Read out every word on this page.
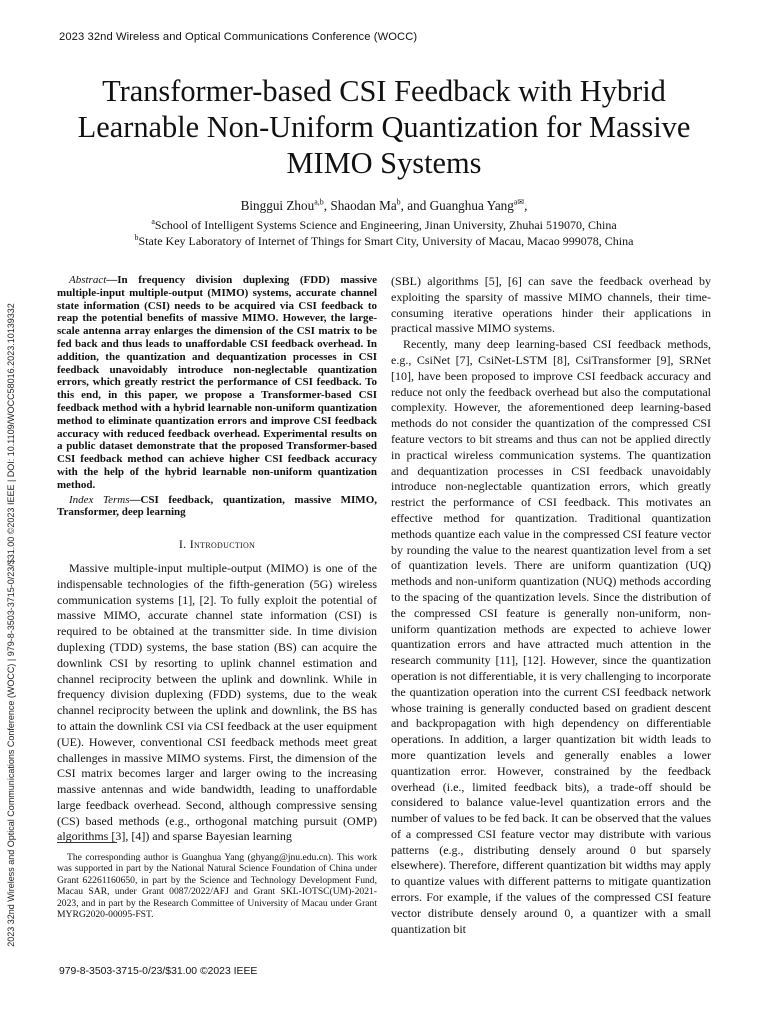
2023 32nd Wireless and Optical Communications Conference (WOCC)
2023 32nd Wireless and Optical Communications Conference (WOCC) | 979-8-3503-3715-0/23/$31.00 ©2023 IEEE | DOI: 10.1109/WOCC58016.2023.10139332
Transformer-based CSI Feedback with Hybrid Learnable Non-Uniform Quantization for Massive MIMO Systems
Binggui Zhou$^{a,b}$, Shaodan Ma$^b$, and Guanghua Yang$^{a✉}$,
$^a$School of Intelligent Systems Science and Engineering, Jinan University, Zhuhai 519070, China
$^b$State Key Laboratory of Internet of Things for Smart City, University of Macau, Macao 999078, China

Abstract—In frequency division duplexing (FDD) massive multiple-input multiple-output (MIMO) systems, accurate channel state information (CSI) needs to be acquired via CSI feedback to reap the potential benefits of massive MIMO. However, the large-scale antenna array enlarges the dimension of the CSI matrix to be fed back and thus leads to unaffordable CSI feedback overhead. In addition, the quantization and dequantization processes in CSI feedback unavoidably introduce non-neglectable quantization errors, which greatly restrict the performance of CSI feedback. To this end, in this paper, we propose a Transformer-based CSI feedback method with a hybrid learnable non-uniform quantization method to eliminate quantization errors and improve CSI feedback accuracy with reduced feedback overhead. Experimental results on a public dataset demonstrate that the proposed Transformer-based CSI feedback method can achieve higher CSI feedback accuracy with the help of the hybrid learnable non-uniform quantization method.

Index Terms—CSI feedback, quantization, massive MIMO, Transformer, deep learning

I. Introduction

Massive multiple-input multiple-output (MIMO) is one of the indispensable technologies of the fifth-generation (5G) wireless communication systems [1], [2]. To fully exploit the potential of massive MIMO, accurate channel state information (CSI) is required to be obtained at the transmitter side. In time division duplexing (TDD) systems, the base station (BS) can acquire the downlink CSI by resorting to uplink channel estimation and channel reciprocity between the uplink and downlink. While in frequency division duplexing (FDD) systems, due to the weak channel reciprocity between the uplink and downlink, the BS has to attain the downlink CSI via CSI feedback at the user equipment (UE). However, conventional CSI feedback methods meet great challenges in massive MIMO systems. First, the dimension of the CSI matrix becomes larger and larger owing to the increasing massive antennas and wide bandwidth, leading to unaffordable large feedback overhead. Second, although compressive sensing (CS) based methods (e.g., orthogonal matching pursuit (OMP) algorithms [3], [4]) and sparse Bayesian learning

The corresponding author is Guanghua Yang (ghyang@jnu.edu.cn). This work was supported in part by the National Natural Science Foundation of China under Grant 62261160650, in part by the Science and Technology Development Fund, Macau SAR, under Grant 0087/2022/AFJ and Grant SKL-IOTSC(UM)-2021-2023, and in part by the Research Committee of University of Macau under Grant MYRG2020-00095-FST.

(SBL) algorithms [5], [6] can save the feedback overhead by exploiting the sparsity of massive MIMO channels, their time-consuming iterative operations hinder their applications in practical massive MIMO systems.

Recently, many deep learning-based CSI feedback methods, e.g., CsiNet [7], CsiNet-LSTM [8], CsiTransformer [9], SRNet [10], have been proposed to improve CSI feedback accuracy and reduce not only the feedback overhead but also the computational complexity. However, the aforementioned deep learning-based methods do not consider the quantization of the compressed CSI feature vectors to bit streams and thus can not be applied directly in practical wireless communication systems. The quantization and dequantization processes in CSI feedback unavoidably introduce non-neglectable quantization errors, which greatly restrict the performance of CSI feedback. This motivates an effective method for quantization. Traditional quantization methods quantize each value in the compressed CSI feature vector by rounding the value to the nearest quantization level from a set of quantization levels. There are uniform quantization (UQ) methods and non-uniform quantization (NUQ) methods according to the spacing of the quantization levels. Since the distribution of the compressed CSI feature is generally non-uniform, non-uniform quantization methods are expected to achieve lower quantization errors and have attracted much attention in the research community [11], [12]. However, since the quantization operation is not differentiable, it is very challenging to incorporate the quantization operation into the current CSI feedback network whose training is generally conducted based on gradient descent and backpropagation with high dependency on differentiable operations. In addition, a larger quantization bit width leads to more quantization levels and generally enables a lower quantization error. However, constrained by the feedback overhead (i.e., limited feedback bits), a trade-off should be considered to balance value-level quantization errors and the number of values to be fed back. It can be observed that the values of a compressed CSI feature vector may distribute with various patterns (e.g., distributing densely around 0 but sparsely elsewhere). Therefore, different quantization bit widths may apply to quantize values with different patterns to mitigate quantization errors. For example, if the values of the compressed CSI feature vector distribute densely around 0, a quantizer with a small quantization bit

979-8-3503-3715-0/23/$31.00 ©2023 IEEE
